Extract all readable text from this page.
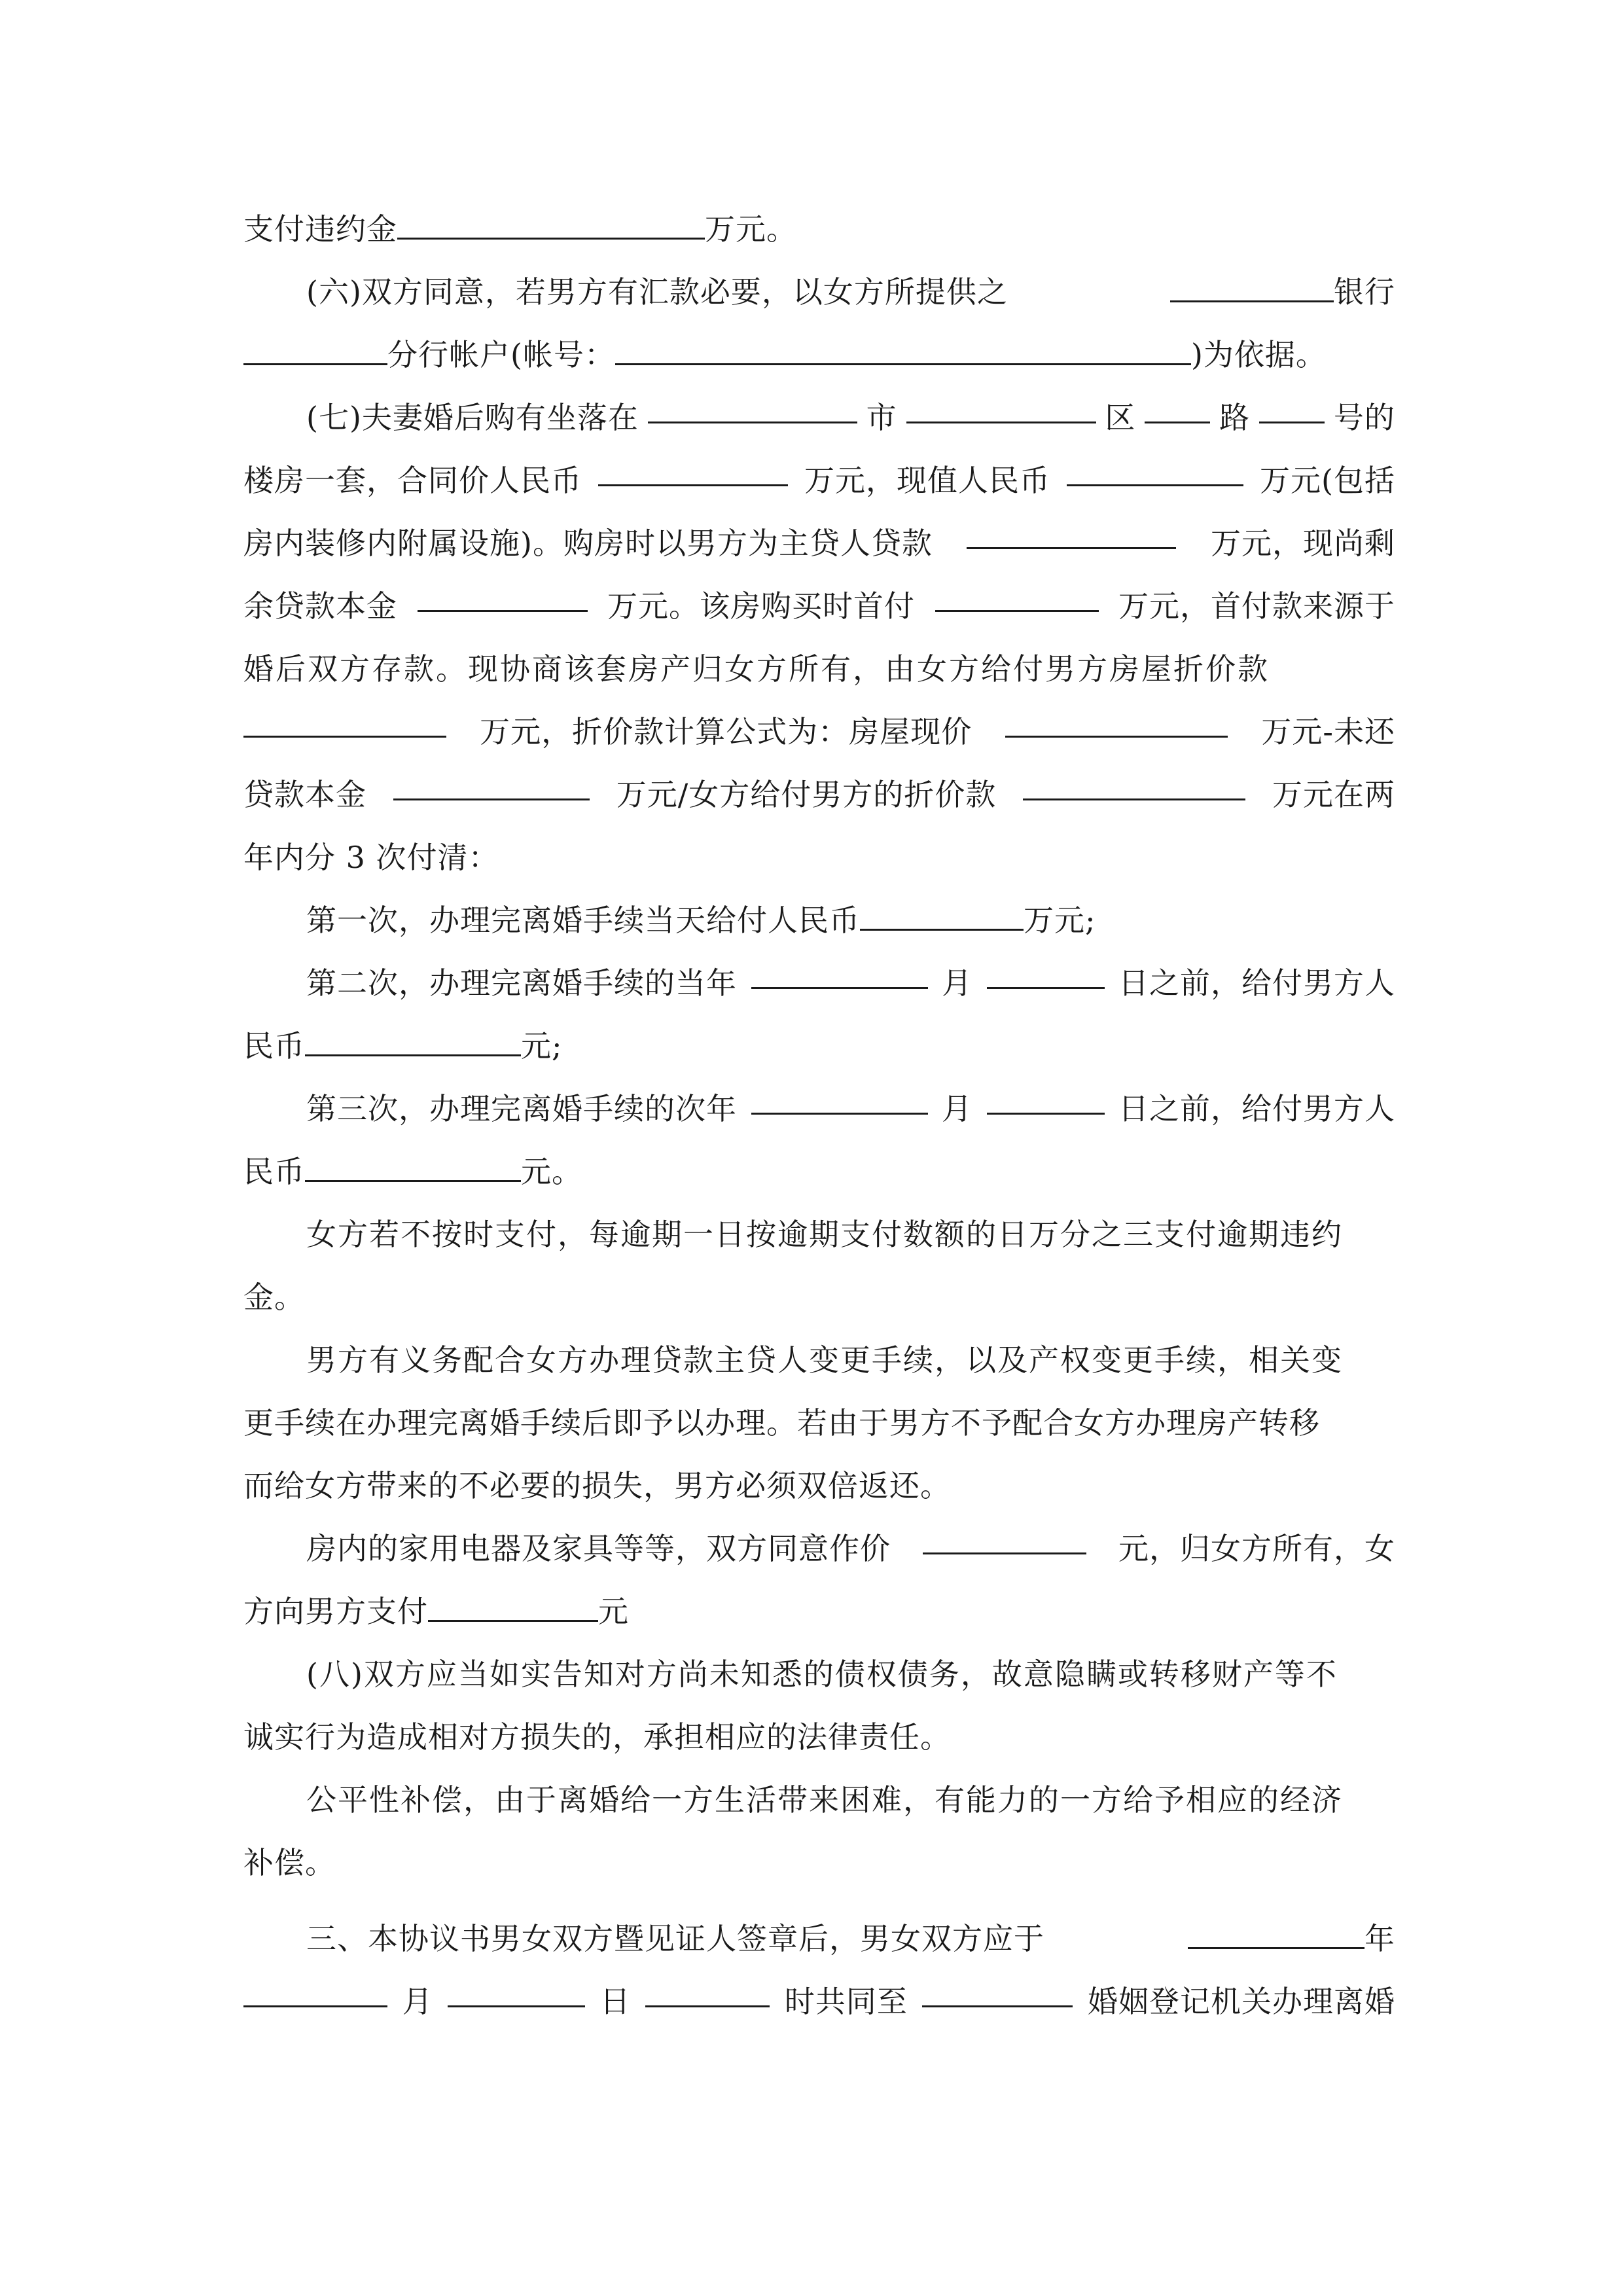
支付违约金	万元。
(六)双方同意，若男方有汇款必要，以女方所提供之	银行
分行帐户(帐号：	)为依据。
(七)夫妻婚后购有坐落在	市	区	路	号的
楼房一套，合同价人民币	万元，现值人民币	万元(包括
房内装修内附属设施)。购房时以男方为主贷人贷款	万元，现尚剩
余贷款本金	万元。该房购买时首付	万元，首付款来源于
婚后双方存款。现协商该套房产归女方所有，由女方给付男方房屋折价款
万元，折价款计算公式为：房屋现价	万元-未还
贷款本金	万元/女方给付男方的折价款	万元在两
年内分 3 次付清：
第一次，办理完离婚手续当天给付人民币	万元;
第二次，办理完离婚手续的当年	月	日之前，给付男方人
民币	元;
第三次，办理完离婚手续的次年	月	日之前，给付男方人
民币	元。
女方若不按时支付，每逾期一日按逾期支付数额的日万分之三支付逾期违约
金。
男方有义务配合女方办理贷款主贷人变更手续，以及产权变更手续，相关变
更手续在办理完离婚手续后即予以办理。若由于男方不予配合女方办理房产转移
而给女方带来的不必要的损失，男方必须双倍返还。
房内的家用电器及家具等等，双方同意作价	元，归女方所有，女
方向男方支付	元
(八)双方应当如实告知对方尚未知悉的债权债务，故意隐瞒或转移财产等不
诚实行为造成相对方损失的，承担相应的法律责任。
公平性补偿，由于离婚给一方生活带来困难，有能力的一方给予相应的经济
补偿。
三、本协议书男女双方暨见证人签章后，男女双方应于	年
月	日	时共同至	婚姻登记机关办理离婚
